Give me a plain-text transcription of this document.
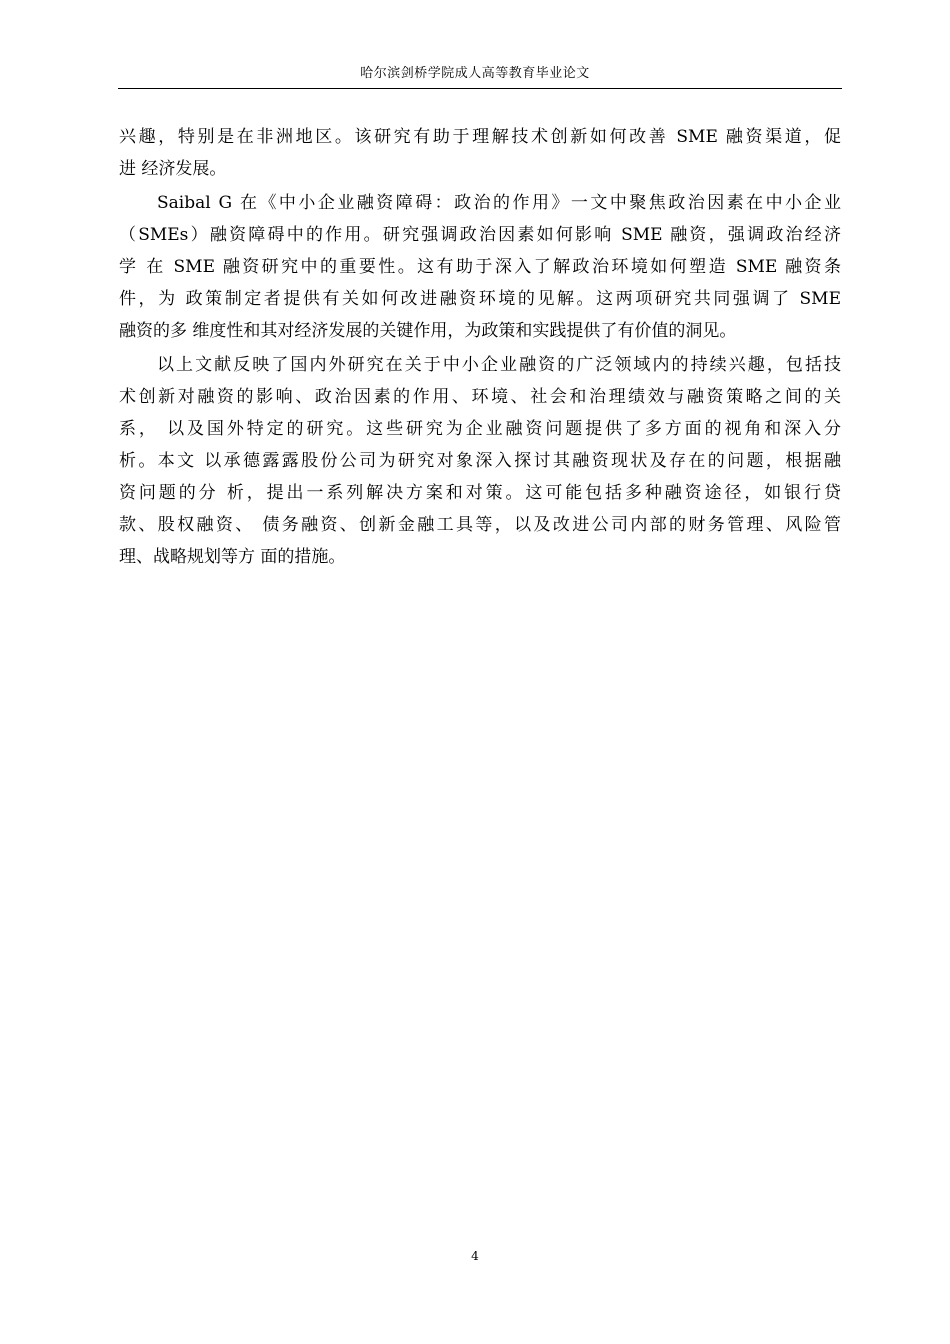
哈尔滨剑桥学院成人高等教育毕业论文
兴趣，特别是在非洲地区。该研究有助于理解技术创新如何改善 SME 融资渠道，促
进 经济发展。
Saibal G 在《中小企业融资障碍：政治的作用》一文中聚焦政治因素在中小企业
（SMEs）融资障碍中的作用。研究强调政治因素如何影响 SME 融资，强调政治经济
学 在 SME 融资研究中的重要性。这有助于深入了解政治环境如何塑造 SME 融资条
件，为 政策制定者提供有关如何改进融资环境的见解。这两项研究共同强调了 SME
融资的多 维度性和其对经济发展的关键作用，为政策和实践提供了有价值的洞见。
以上文献反映了国内外研究在关于中小企业融资的广泛领域内的持续兴趣，包括技
术创新对融资的影响、政治因素的作用、环境、社会和治理绩效与融资策略之间的关
系， 以及国外特定的研究。这些研究为企业融资问题提供了多方面的视角和深入分
析。本文 以承德露露股份公司为研究对象深入探讨其融资现状及存在的问题，根据融
资问题的分 析，提出一系列解决方案和对策。这可能包括多种融资途径，如银行贷
款、股权融资、 债务融资、创新金融工具等，以及改进公司内部的财务管理、风险管
理、战略规划等方 面的措施。
4
